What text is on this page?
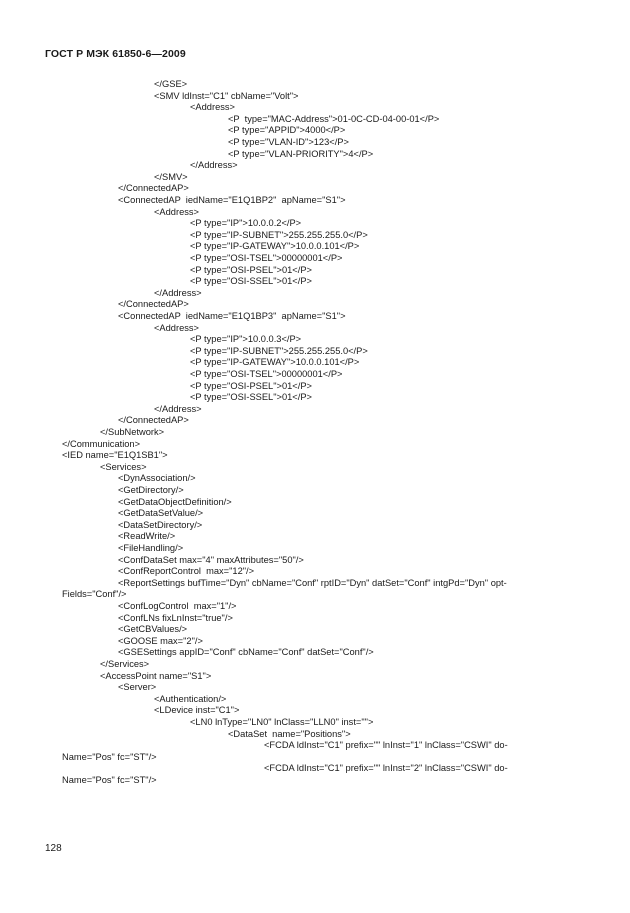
ГОСТ Р МЭК 61850-6—2009
</GSE>
<SMV ldInst="C1" cbName="Volt">
<Address>
<P  type="MAC-Address">01-0C-CD-04-00-01</P>
<P type="APPID">4000</P>
<P type="VLAN-ID">123</P>
<P type="VLAN-PRIORITY">4</P>
</Address>
</SMV>
</ConnectedAP>
<ConnectedAP  iedName="E1Q1BP2"  apName="S1">
<Address>
<P type="IP">10.0.0.2</P>
<P type="IP-SUBNET">255.255.255.0</P>
<P type="IP-GATEWAY">10.0.0.101</P>
<P type="OSI-TSEL">00000001</P>
<P type="OSI-PSEL">01</P>
<P type="OSI-SSEL">01</P>
</Address>
</ConnectedAP>
<ConnectedAP  iedName="E1Q1BP3"  apName="S1">
<Address>
<P type="IP">10.0.0.3</P>
<P type="IP-SUBNET">255.255.255.0</P>
<P type="IP-GATEWAY">10.0.0.101</P>
<P type="OSI-TSEL">00000001</P>
<P type="OSI-PSEL">01</P>
<P type="OSI-SSEL">01</P>
</Address>
</ConnectedAP>
</SubNetwork>
</Communication>
<IED name="E1Q1SB1">
<Services>
<DynAssociation/>
<GetDirectory/>
<GetDataObjectDefinition/>
<GetDataSetValue/>
<DataSetDirectory/>
<ReadWrite/>
<FileHandling/>
<ConfDataSet max="4" maxAttributes="50"/>
<ConfReportControl  max="12"/>
<ReportSettings bufTime="Dyn" cbName="Conf" rptID="Dyn" datSet="Conf" intgPd="Dyn" opt-
Fields="Conf"/>
<ConfLogControl  max="1"/>
<ConfLNs fixLnInst="true"/>
<GetCBValues/>
<GOOSE max="2"/>
<GSESettings appID="Conf" cbName="Conf" datSet="Conf"/>
</Services>
<AccessPoint name="S1">
<Server>
<Authentication/>
<LDevice inst="C1">
<LN0 lnType="LN0" lnClass="LLN0" inst="">
<DataSet  name="Positions">
<FCDA ldInst="C1" prefix="" lnInst="1" lnClass="CSWI" do-
Name="Pos" fc="ST"/>
<FCDA ldInst="C1" prefix="" lnInst="2" lnClass="CSWI" do-
Name="Pos" fc="ST"/>
128
